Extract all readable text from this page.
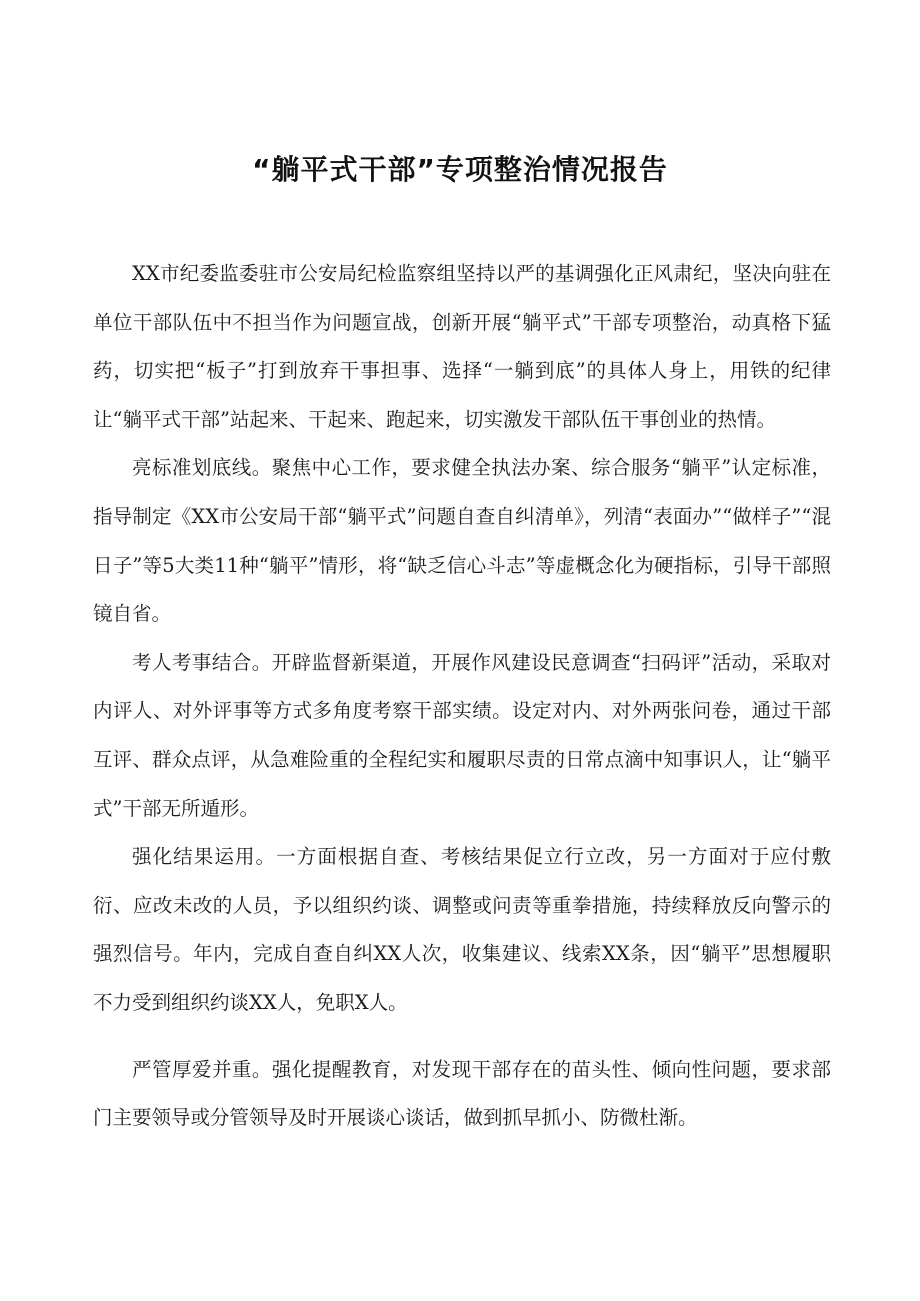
“躺平式干部”专项整治情况报告

XX市纪委监委驻市公安局纪检监察组坚持以严的基调强化正风肃纪，坚决向驻在单位干部队伍中不担当作为问题宣战，创新开展“躺平式”干部专项整治，动真格下猛药，切实把“板子”打到放弃干事担事、选择“一躺到底”的具体人身上，用铁的纪律让“躺平式干部”站起来、干起来、跑起来，切实激发干部队伍干事创业的热情。

亮标准划底线。聚焦中心工作，要求健全执法办案、综合服务“躺平”认定标准，指导制定《XX市公安局干部“躺平式”问题自查自纠清单》，列清“表面办”“做样子”“混日子”等5大类11种“躺平”情形，将“缺乏信心斗志”等虚概念化为硬指标，引导干部照镜自省。

考人考事结合。开辟监督新渠道，开展作风建设民意调查“扫码评”活动，采取对内评人、对外评事等方式多角度考察干部实绩。设定对内、对外两张问卷，通过干部互评、群众点评，从急难险重的全程纪实和履职尽责的日常点滴中知事识人，让“躺平式”干部无所遁形。

强化结果运用。一方面根据自查、考核结果促立行立改，另一方面对于应付敷衍、应改未改的人员，予以组织约谈、调整或问责等重拳措施，持续释放反向警示的强烈信号。年内，完成自查自纠XX人次，收集建议、线索XX条，因“躺平”思想履职不力受到组织约谈XX人，免职X人。

严管厚爱并重。强化提醒教育，对发现干部存在的苗头性、倾向性问题，要求部门主要领导或分管领导及时开展谈心谈话，做到抓早抓小、防微杜渐。
